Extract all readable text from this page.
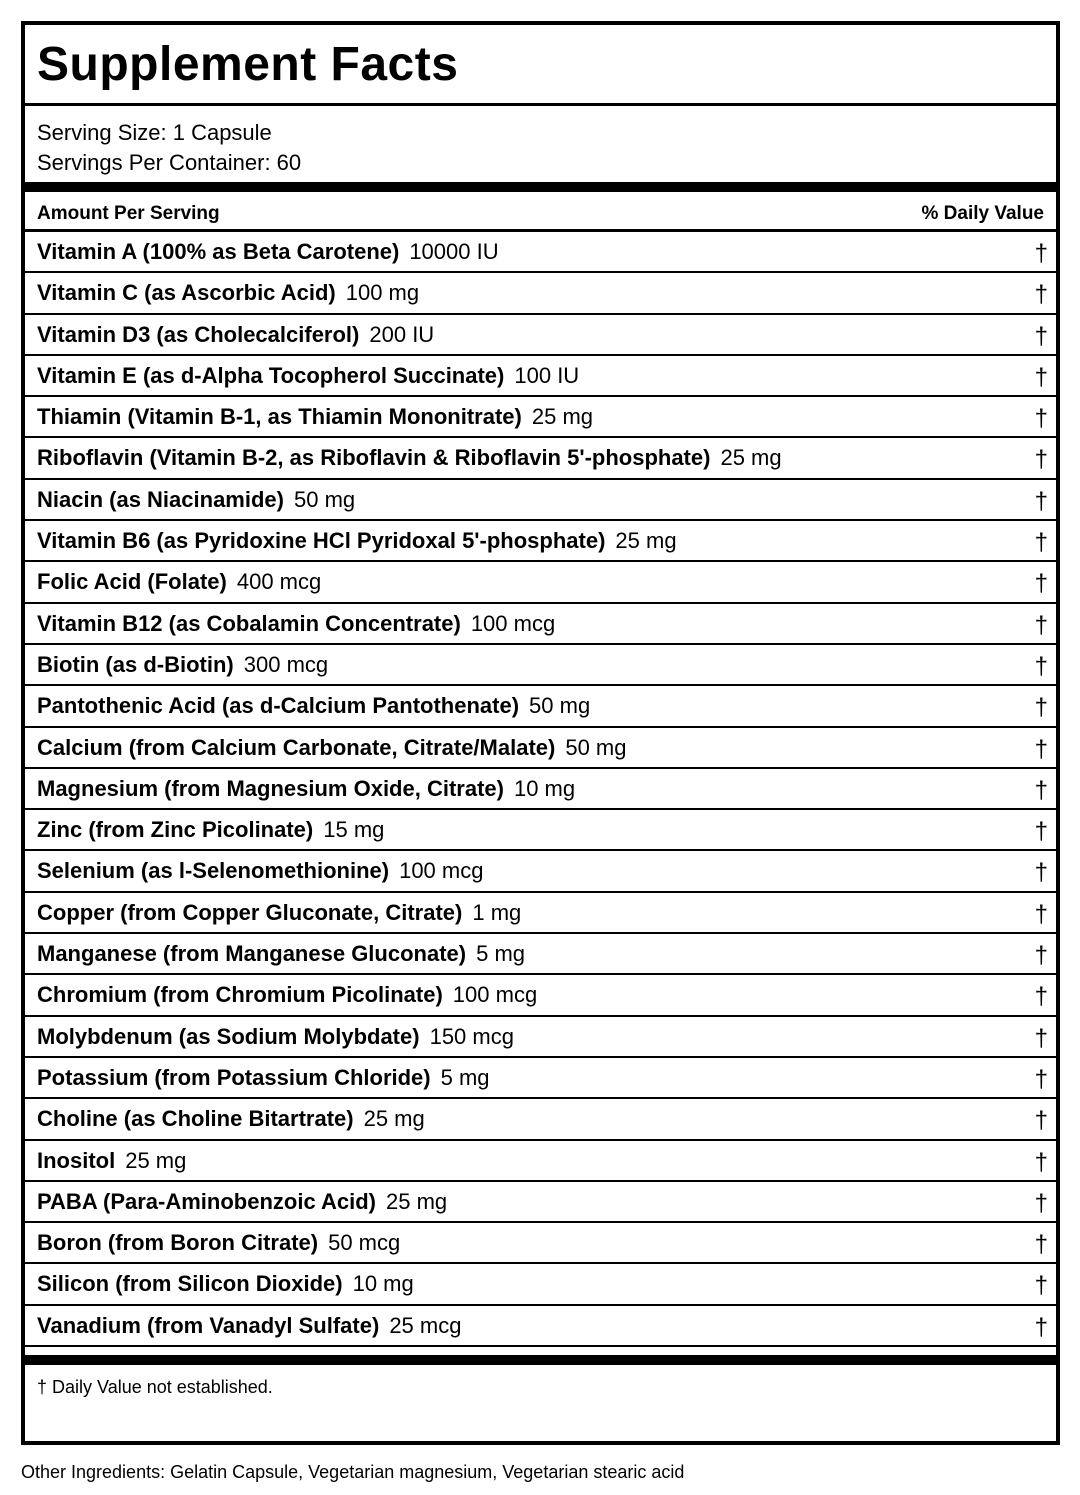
Supplement Facts
Serving Size: 1 Capsule
Servings Per Container: 60
Amount Per Serving	% Daily Value
Vitamin A (100% as Beta Carotene) 10000 IU	†
Vitamin C (as Ascorbic Acid) 100 mg	†
Vitamin D3 (as Cholecalciferol) 200 IU	†
Vitamin E (as d-Alpha Tocopherol Succinate) 100 IU	†
Thiamin (Vitamin B-1, as Thiamin Mononitrate) 25 mg	†
Riboflavin (Vitamin B-2, as Riboflavin & Riboflavin 5'-phosphate) 25 mg	†
Niacin (as Niacinamide) 50 mg	†
Vitamin B6 (as Pyridoxine HCl Pyridoxal 5'-phosphate) 25 mg	†
Folic Acid (Folate) 400 mcg	†
Vitamin B12 (as Cobalamin Concentrate) 100 mcg	†
Biotin (as d-Biotin) 300 mcg	†
Pantothenic Acid (as d-Calcium Pantothenate) 50 mg	†
Calcium (from Calcium Carbonate, Citrate/Malate) 50 mg	†
Magnesium (from Magnesium Oxide, Citrate) 10 mg	†
Zinc (from Zinc Picolinate) 15 mg	†
Selenium (as l-Selenomethionine) 100 mcg	†
Copper (from Copper Gluconate, Citrate) 1 mg	†
Manganese (from Manganese Gluconate) 5 mg	†
Chromium (from Chromium Picolinate) 100 mcg	†
Molybdenum (as Sodium Molybdate) 150 mcg	†
Potassium (from Potassium Chloride) 5 mg	†
Choline (as Choline Bitartrate) 25 mg	†
Inositol 25 mg	†
PABA (Para-Aminobenzoic Acid) 25 mg	†
Boron (from Boron Citrate) 50 mcg	†
Silicon (from Silicon Dioxide) 10 mg	†
Vanadium (from Vanadyl Sulfate) 25 mcg	†
† Daily Value not established.
Other Ingredients: Gelatin Capsule, Vegetarian magnesium, Vegetarian stearic acid
